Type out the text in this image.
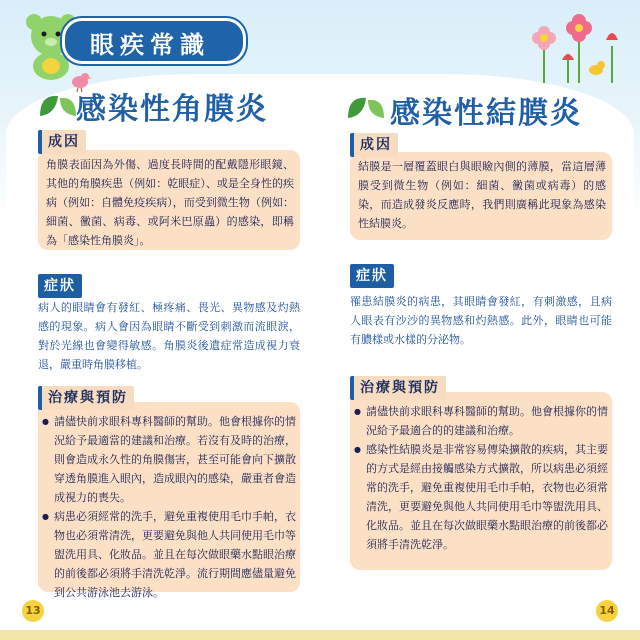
眼疾常識
感染性角膜炎	感染性結膜炎
成因
角膜表面因為外傷、過度長時間的配戴隱形眼鏡、其他的角膜疾患（例如：乾眼症）、或是全身性的疾病（例如：自體免疫疾病），而受到微生物（例如：細菌、黴菌、病毒、或阿米巴原蟲）的感染，即稱為「感染性角膜炎」。
症狀
病人的眼睛會有發紅、極疼痛、畏光、異物感及灼熱感的現象。病人會因為眼睛不斷受到刺激而流眼淚，對於光線也會變得敏感。角膜炎後遺症常造成視力衰退，嚴重時角膜移植。
治療與預防
● 請儘快前求眼科專科醫師的幫助。他會根據你的情況給予最適當的建議和治療。若沒有及時的治療，則會造成永久性的角膜傷害，甚至可能會向下擴散穿透角膜進入眼內，造成眼內的感染，嚴重者會造成視力的喪失。
● 病患必須經常的洗手，避免重複使用毛巾手帕，衣物也必須常清洗，更要避免與他人共同使用毛巾等盥洗用具、化妝品。並且在每次做眼藥水點眼治療的前後都必須將手清洗乾淨。流行期間應儘量避免到公共游泳池去游泳。
成因
結膜是一層覆蓋眼白與眼瞼內側的薄膜，當這層薄膜受到微生物（例如：細菌、黴菌或病毒）的感染，而造成發炎反應時，我們則廣稱此現象為感染性結膜炎。
症狀
罹患結膜炎的病患，其眼睛會發紅，有刺激感，且病人眼表有沙沙的異物感和灼熱感。此外，眼睛也可能有膿樣或水樣的分泌物。
治療與預防
● 請儘快前求眼科專科醫師的幫助。他會根據你的情況給予最適合的的建議和治療。
● 感染性結膜炎是非常容易傳染擴散的疾病，其主要的方式是經由接觸感染方式擴散，所以病患必須經常的洗手，避免重複使用毛巾手帕，衣物也必須常清洗，更要避免與他人共同使用毛巾等盥洗用具、化妝品。並且在每次做眼藥水點眼治療的前後都必須將手清洗乾淨。
13	14
